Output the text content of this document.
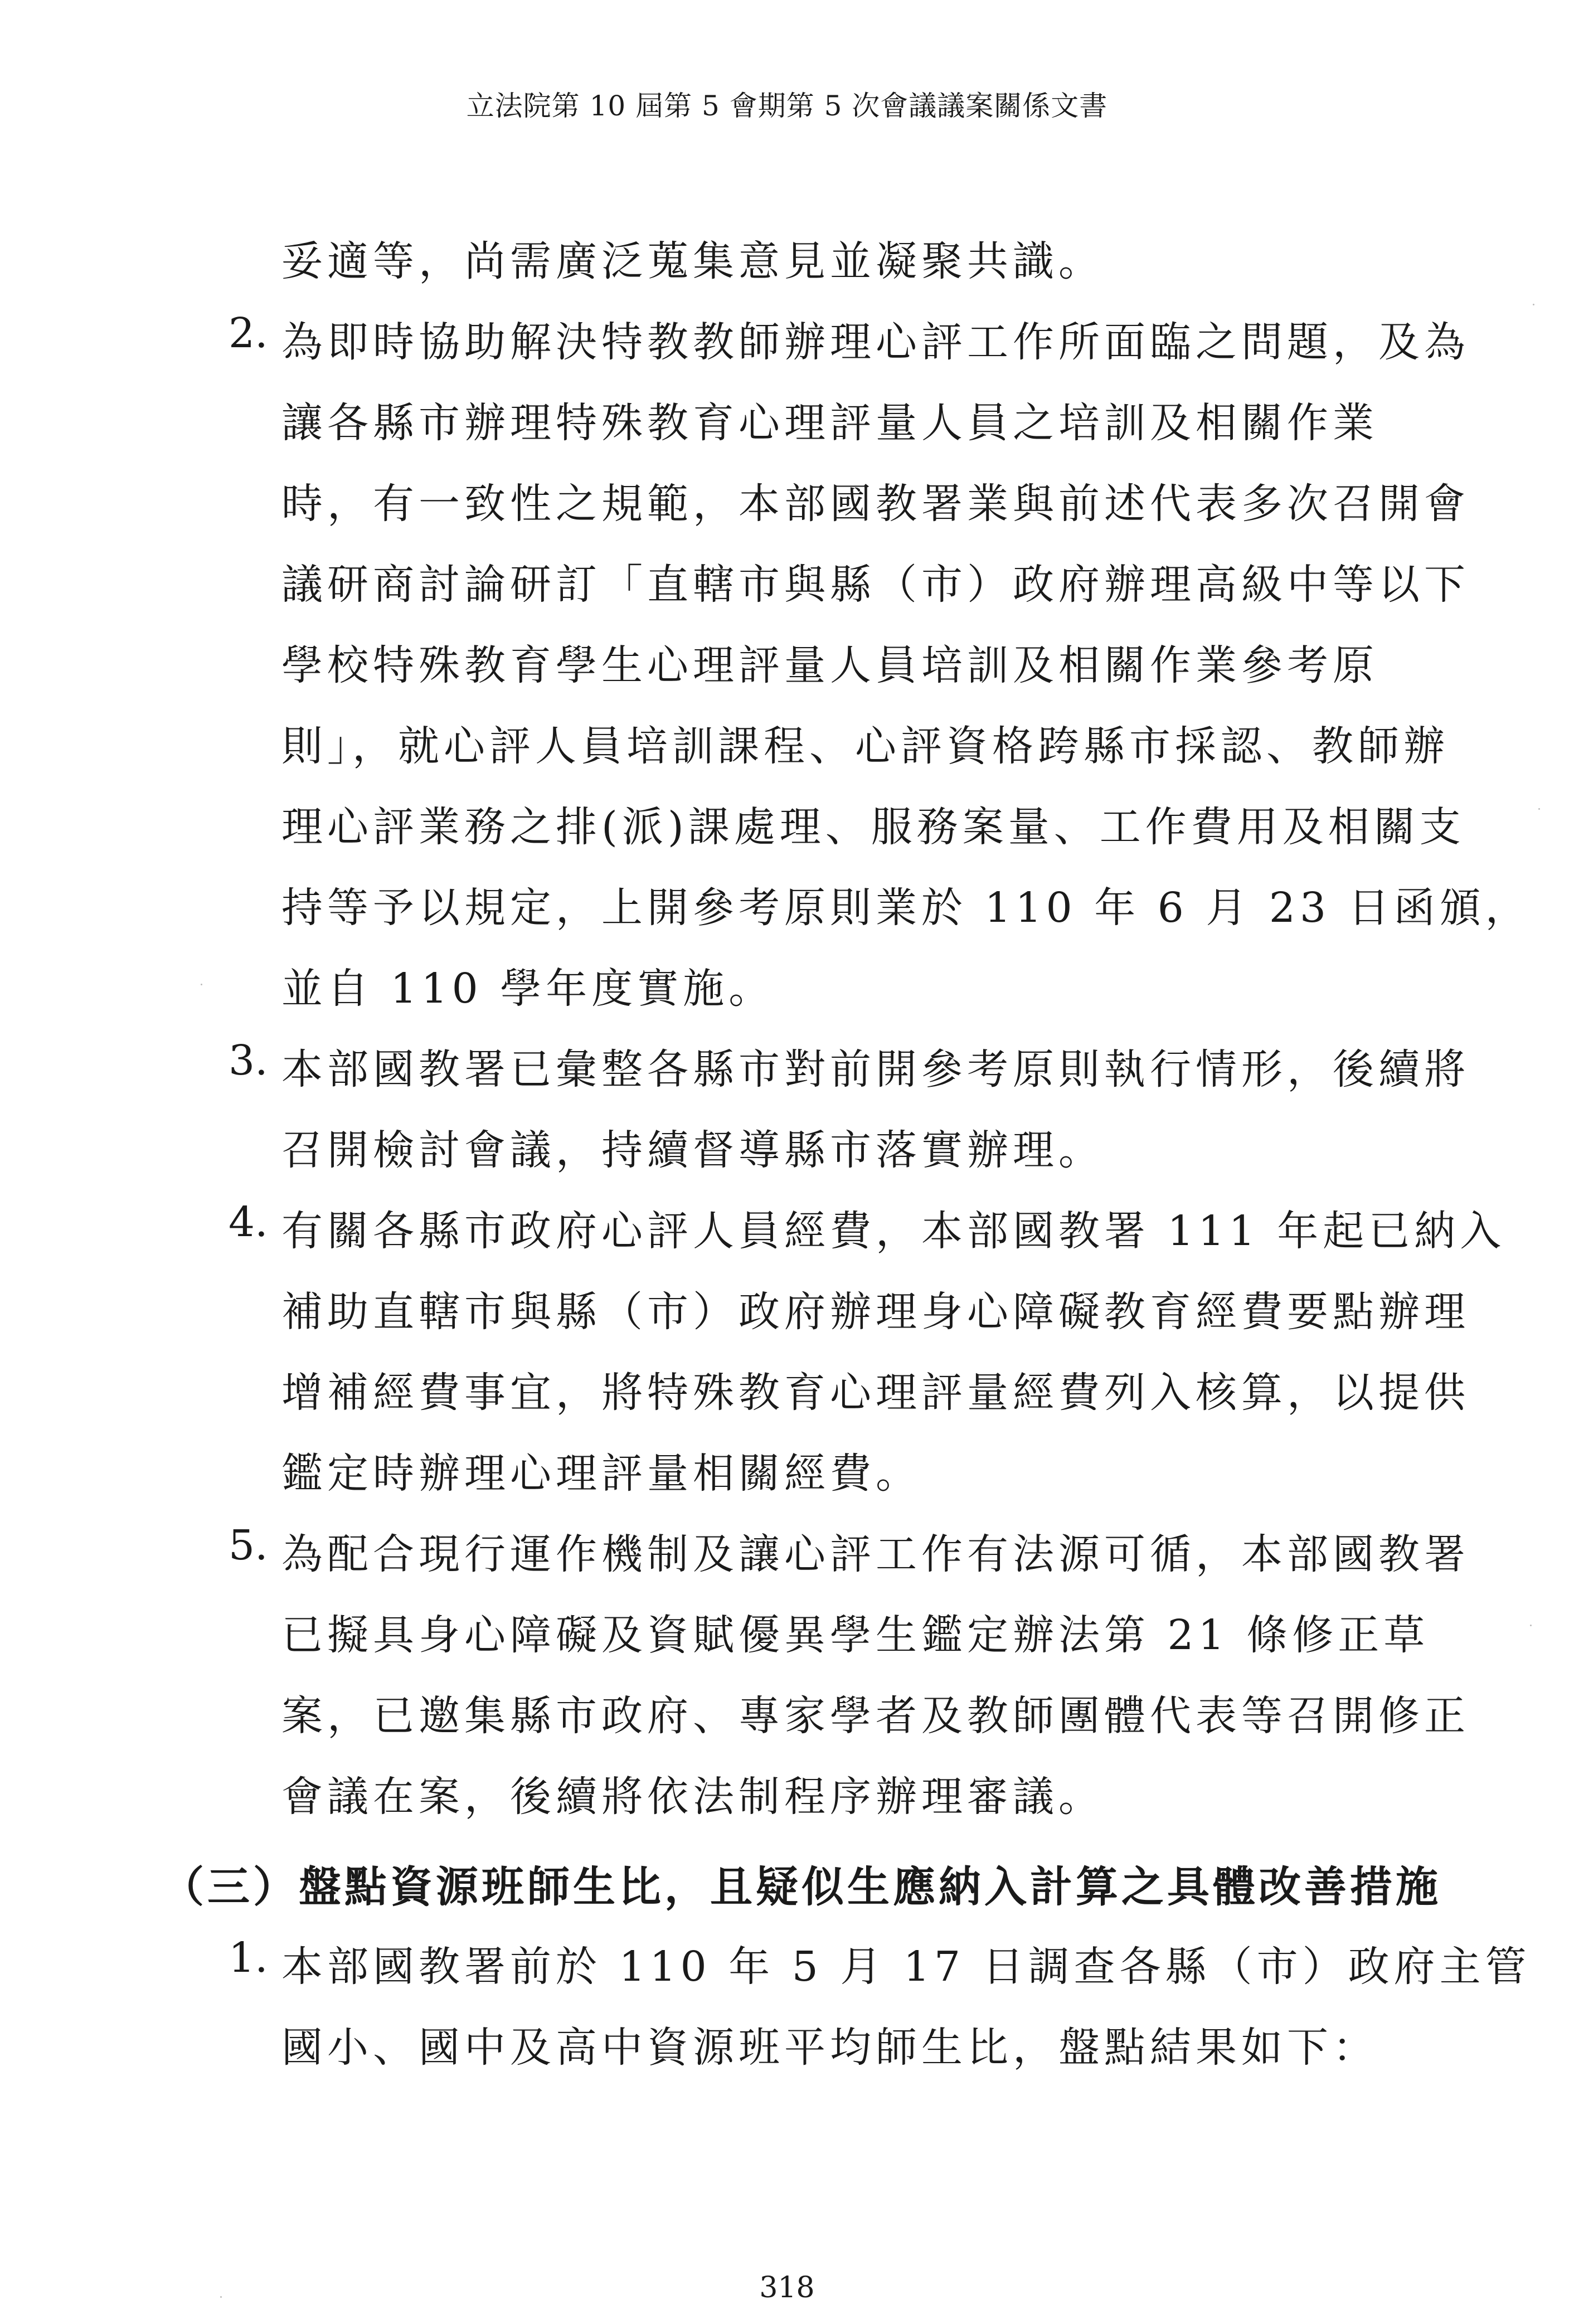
立法院第 10 屆第 5 會期第 5 次會議議案關係文書
妥適等，尚需廣泛蒐集意見並凝聚共識。
2. 為即時協助解決特教教師辦理心評工作所面臨之問題，及為
讓各縣市辦理特殊教育心理評量人員之培訓及相關作業
時，有一致性之規範，本部國教署業與前述代表多次召開會
議研商討論研訂「直轄市與縣（市）政府辦理高級中等以下
學校特殊教育學生心理評量人員培訓及相關作業參考原
則」，就心評人員培訓課程、心評資格跨縣市採認、教師辦
理心評業務之排(派)課處理、服務案量、工作費用及相關支
持等予以規定，上開參考原則業於 110 年 6 月 23 日函頒，
並自 110 學年度實施。
3. 本部國教署已彙整各縣市對前開參考原則執行情形，後續將
召開檢討會議，持續督導縣市落實辦理。
4. 有關各縣市政府心評人員經費，本部國教署 111 年起已納入
補助直轄市與縣（市）政府辦理身心障礙教育經費要點辦理
增補經費事宜，將特殊教育心理評量經費列入核算，以提供
鑑定時辦理心理評量相關經費。
5. 為配合現行運作機制及讓心評工作有法源可循，本部國教署
已擬具身心障礙及資賦優異學生鑑定辦法第 21 條修正草
案，已邀集縣市政府、專家學者及教師團體代表等召開修正
會議在案，後續將依法制程序辦理審議。
（三）盤點資源班師生比，且疑似生應納入計算之具體改善措施
1. 本部國教署前於 110 年 5 月 17 日調查各縣（市）政府主管
國小、國中及高中資源班平均師生比，盤點結果如下：
318
